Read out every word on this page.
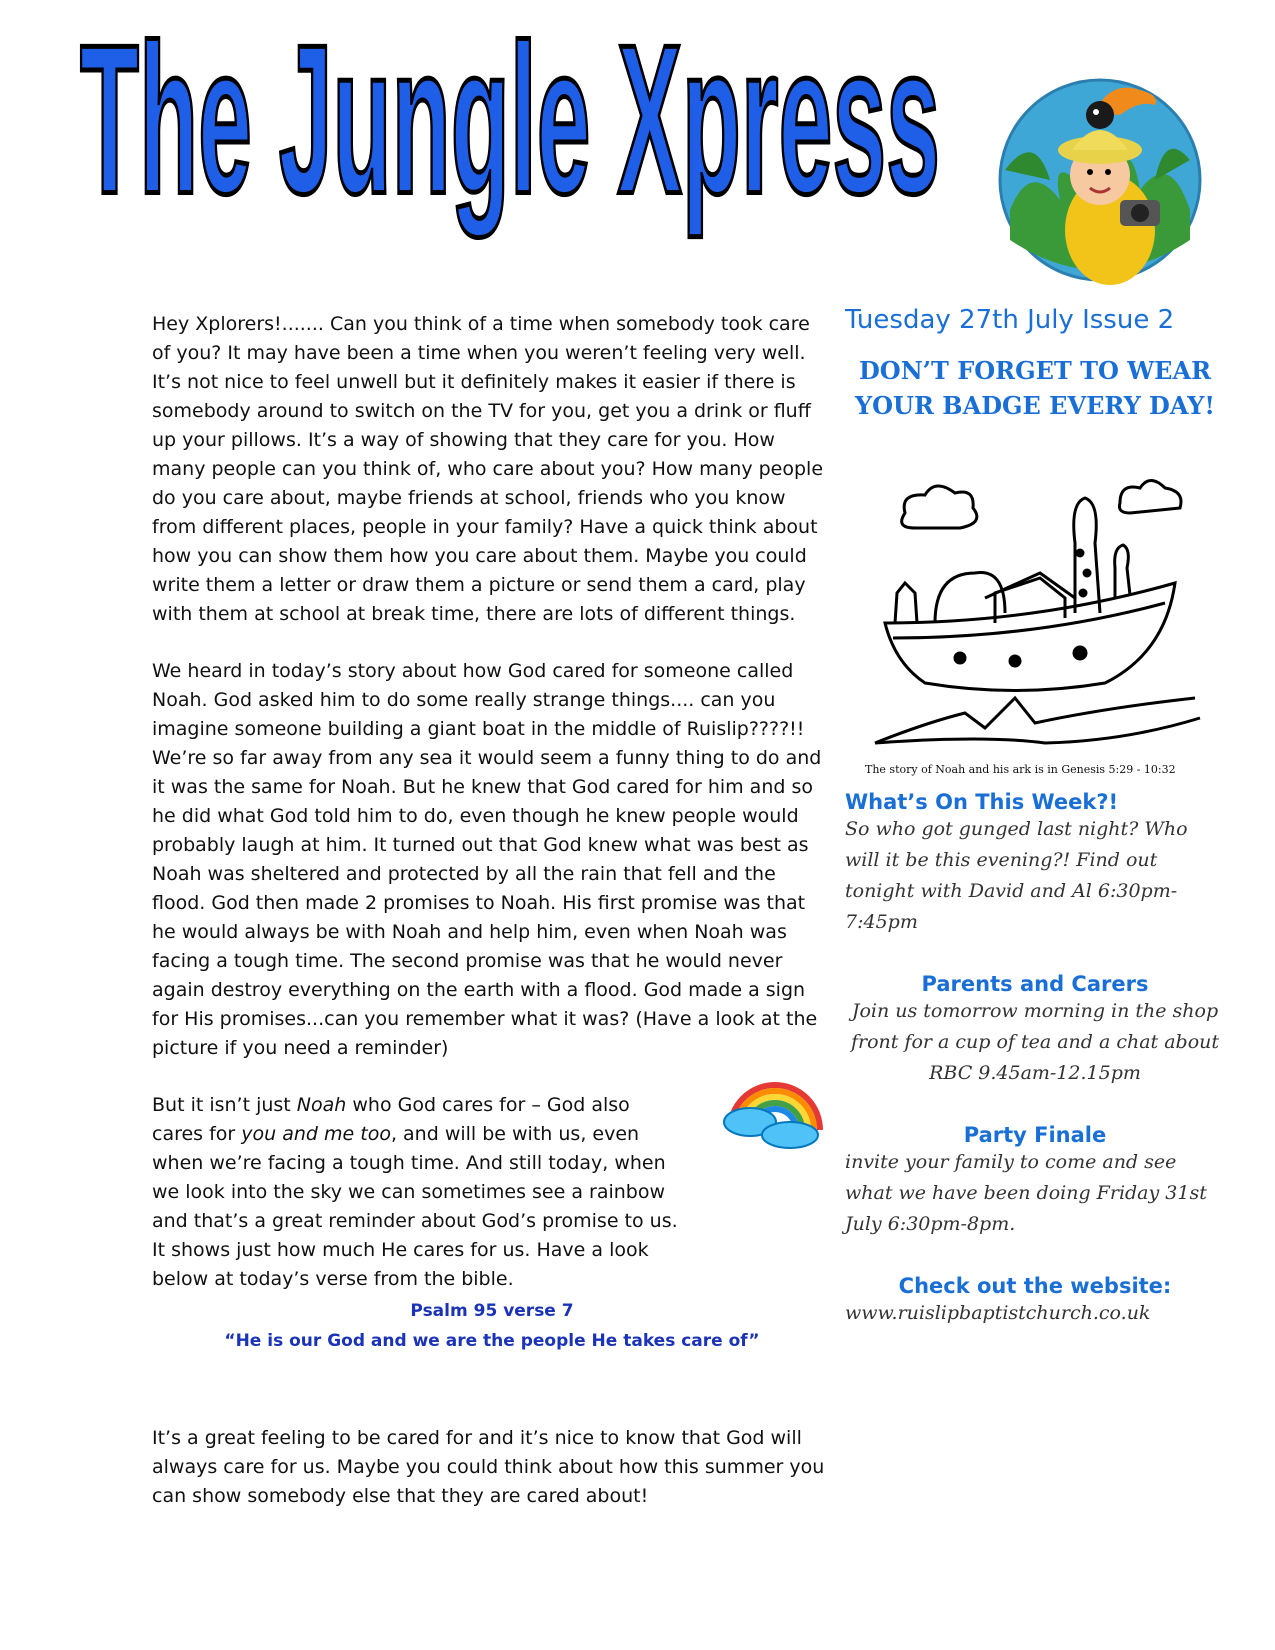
The Jungle Xpress

Hey Xplorers!....... Can you think of a time when somebody took care of you? It may have been a time when you weren’t feeling very well. It’s not nice to feel unwell but it definitely makes it easier if there is somebody around to switch on the TV for you, get you a drink or fluff up your pillows. It’s a way of showing that they care for you. How many people can you think of, who care about you? How many people do you care about, maybe friends at school, friends who you know from different places, people in your family? Have a quick think about how you can show them how you care about them. Maybe you could write them a letter or draw them a picture or send them a card, play with them at school at break time, there are lots of different things.

We heard in today’s story about how God cared for someone called Noah. God asked him to do some really strange things.... can you imagine someone building a giant boat in the middle of Ruislip????!! We’re so far away from any sea it would seem a funny thing to do and it was the same for Noah. But he knew that God cared for him and so he did what God told him to do, even though he knew people would probably laugh at him. It turned out that God knew what was best as Noah was sheltered and protected by all the rain that fell and the flood. God then made 2 promises to Noah. His first promise was that he would always be with Noah and help him, even when Noah was facing a tough time. The second promise was that he would never again destroy everything on the earth with a flood. God made a sign for His promises...can you remember what it was? (Have a look at the picture if you need a reminder)

But it isn’t just Noah who God cares for – God also cares for you and me too, and will be with us, even when we’re facing a tough time. And still today, when we look into the sky we can sometimes see a rainbow and that’s a great reminder about God’s promise to us. It shows just how much He cares for us. Have a look below at today’s verse from the bible.

Psalm 95 verse 7
“He is our God and we are the people He takes care of”

It’s a great feeling to be cared for and it’s nice to know that God will always care for us. Maybe you could think about how this summer you can show somebody else that they are cared about!

Tuesday 27th July Issue 2
DON’T FORGET TO WEAR
YOUR BADGE EVERY DAY!
The story of Noah and his ark is in Genesis 5:29 - 10:32
What’s On This Week?!
So who got gunged last night? Who will it be this evening?! Find out tonight with David and Al 6:30pm-7:45pm
Parents and Carers
Join us tomorrow morning in the shop front for a cup of tea and a chat about RBC 9.45am-12.15pm
Party Finale
invite your family to come and see what we have been doing Friday 31st July 6:30pm-8pm.
Check out the website:
www.ruislipbaptistchurch.co.uk
